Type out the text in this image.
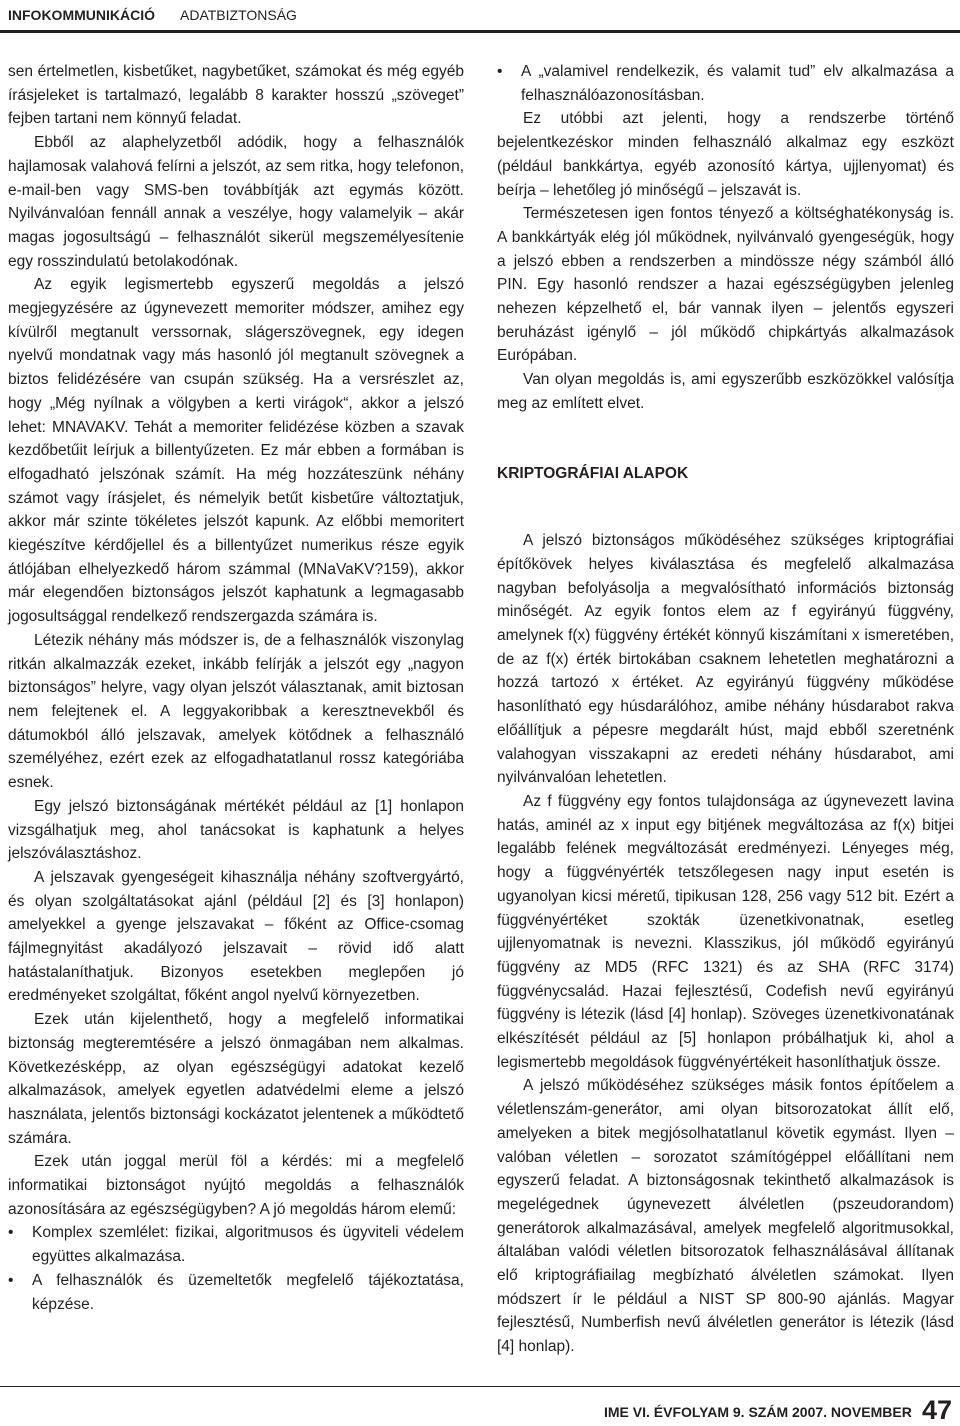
INFOKOMMUNIKÁCIÓ ADATBIZTONSÁG

sen értelmetlen, kisbetűket, nagybetűket, számokat és még egyéb írásjeleket is tartalmazó, legalább 8 karakter hosszú „szöveget” fejben tartani nem könnyű feladat.

Ebből az alaphelyzetből adódik, hogy a felhasználók hajlamosak valahová felírni a jelszót, az sem ritka, hogy telefonon, e-mail-ben vagy SMS-ben továbbítják azt egymás között. Nyilvánvalóan fennáll annak a veszélye, hogy valamelyik – akár magas jogosultságú – felhasználót sikerül megszemélyesítenie egy rosszindulatú betolakodónak.

Az egyik legismertebb egyszerű megoldás a jelszó megjegyzésére az úgynevezett memoriter módszer, amihez egy kívülről megtanult verssornak, slágerszövegnek, egy idegen nyelvű mondatnak vagy más hasonló jól megtanult szövegnek a biztos felidézésére van csupán szükség. Ha a versrészlet az, hogy „Még nyílnak a völgyben a kerti virágok“, akkor a jelszó lehet: MNAVAKV. Tehát a memoriter felidézése közben a szavak kezdőbetűit leírjuk a billentyűzeten. Ez már ebben a formában is elfogadható jelszónak számít. Ha még hozzáteszünk néhány számot vagy írásjelet, és némelyik betűt kisbetűre változtatjuk, akkor már szinte tökéletes jelszót kapunk. Az előbbi memoritert kiegészítve kérdőjellel és a billentyűzet numerikus része egyik átlójában elhelyezkedő három számmal (MNaVaKV?159), akkor már elegendően biztonságos jelszót kaphatunk a legmagasabb jogosultsággal rendelkező rendszergazda számára is.

Létezik néhány más módszer is, de a felhasználók viszonylag ritkán alkalmazzák ezeket, inkább felírják a jelszót egy „nagyon biztonságos” helyre, vagy olyan jelszót választanak, amit biztosan nem felejtenek el. A leggyakoribbak a keresztnevekből és dátumokból álló jelszavak, amelyek kötődnek a felhasználó személyéhez, ezért ezek az elfogadhatatlanul rossz kategóriába esnek.

Egy jelszó biztonságának mértékét például az [1] honlapon vizsgálhatjuk meg, ahol tanácsokat is kaphatunk a helyes jelszóválasztáshoz.

A jelszavak gyengeségeit kihasználja néhány szoftvergyártó, és olyan szolgáltatásokat ajánl (például [2] és [3] honlapon) amelyekkel a gyenge jelszavakat – főként az Office-csomag fájlmegnyitást akadályozó jelszavait – rövid idő alatt hatástalaníthatjuk. Bizonyos esetekben meglepően jó eredményeket szolgáltat, főként angol nyelvű környezetben.

Ezek után kijelenthető, hogy a megfelelő informatikai biztonság megteremtésére a jelszó önmagában nem alkalmas. Következésképp, az olyan egészségügyi adatokat kezelő alkalmazások, amelyek egyetlen adatvédelmi eleme a jelszó használata, jelentős biztonsági kockázatot jelentenek a működtető számára.

Ezek után joggal merül föl a kérdés: mi a megfelelő informatikai biztonságot nyújtó megoldás a felhasználók azonosítására az egészségügyben? A jó megoldás három elemű:

• Komplex szemlélet: fizikai, algoritmusos és ügyviteli védelem együttes alkalmazása.
• A felhasználók és üzemeltetők megfelelő tájékoztatása, képzése.
• A „valamivel rendelkezik, és valamit tud” elv alkalmazása a felhasználóazonosításban.

Ez utóbbi azt jelenti, hogy a rendszerbe történő bejelentkezéskor minden felhasználó alkalmaz egy eszközt (például bankkártya, egyéb azonosító kártya, ujjlenyomat) és beírja – lehetőleg jó minőségű – jelszavát is.

Természetesen igen fontos tényező a költséghatékonyság is. A bankkártyák elég jól működnek, nyilvánvaló gyengeségük, hogy a jelszó ebben a rendszerben a mindössze négy számból álló PIN. Egy hasonló rendszer a hazai egészségügyben jelenleg nehezen képzelhető el, bár vannak ilyen – jelentős egyszeri beruházást igénylő – jól működő chipkártyás alkalmazások Európában.

Van olyan megoldás is, ami egyszerűbb eszközökkel valósítja meg az említett elvet.

KRIPTOGRÁFIAI ALAPOK

A jelszó biztonságos működéséhez szükséges kriptográfiai építőkövek helyes kiválasztása és megfelelő alkalmazása nagyban befolyásolja a megvalósítható információs biztonság minőségét. Az egyik fontos elem az f egyirányú függvény, amelynek f(x) függvény értékét könnyű kiszámítani x ismeretében, de az f(x) érték birtokában csaknem lehetetlen meghatározni a hozzá tartozó x értéket. Az egyirányú függvény működése hasonlítható egy húsdarálóhoz, amibe néhány húsdarabot rakva előállítjuk a pépesre megdarált húst, majd ebből szeretnénk valahogyan visszakapni az eredeti néhány húsdarabot, ami nyilvánvalóan lehetetlen.

Az f függvény egy fontos tulajdonsága az úgynevezett lavina hatás, aminél az x input egy bitjének megváltozása az f(x) bitjei legalább felének megváltozását eredményezi. Lényeges még, hogy a függvényérték tetszőlegesen nagy input esetén is ugyanolyan kicsi méretű, tipikusan 128, 256 vagy 512 bit. Ezért a függvényértéket szokták üzenetkivonatnak, esetleg ujjlenyomatnak is nevezni. Klasszikus, jól működő egyirányú függvény az MD5 (RFC 1321) és az SHA (RFC 3174) függvénycsalád. Hazai fejlesztésű, Codefish nevű egyirányú függvény is létezik (lásd [4] honlap). Szöveges üzenetkivonatának elkészítését például az [5] honlapon próbálhatjuk ki, ahol a legismertebb megoldások függvényértékeit hasonlíthatjuk össze.

A jelszó működéséhez szükséges másik fontos építőelem a véletlenszám-generátor, ami olyan bitsorozatokat állít elő, amelyeken a bitek megjósolhatatlanul követik egymást. Ilyen – valóban véletlen – sorozatot számítógéppel előállítani nem egyszerű feladat. A biztonságosnak tekinthető alkalmazások is megelégednek úgynevezett álvéletlen (pszeudorandom) generátorok alkalmazásával, amelyek megfelelő algoritmusokkal, általában valódi véletlen bitsorozatok felhasználásával állítanak elő kriptográfiailag megbízható álvéletlen számokat. Ilyen módszert ír le például a NIST SP 800-90 ajánlás. Magyar fejlesztésű, Numberfish nevű álvéletlen generátor is létezik (lásd [4] honlap).

IME VI. ÉVFOLYAM 9. SZÁM 2007. NOVEMBER 47
